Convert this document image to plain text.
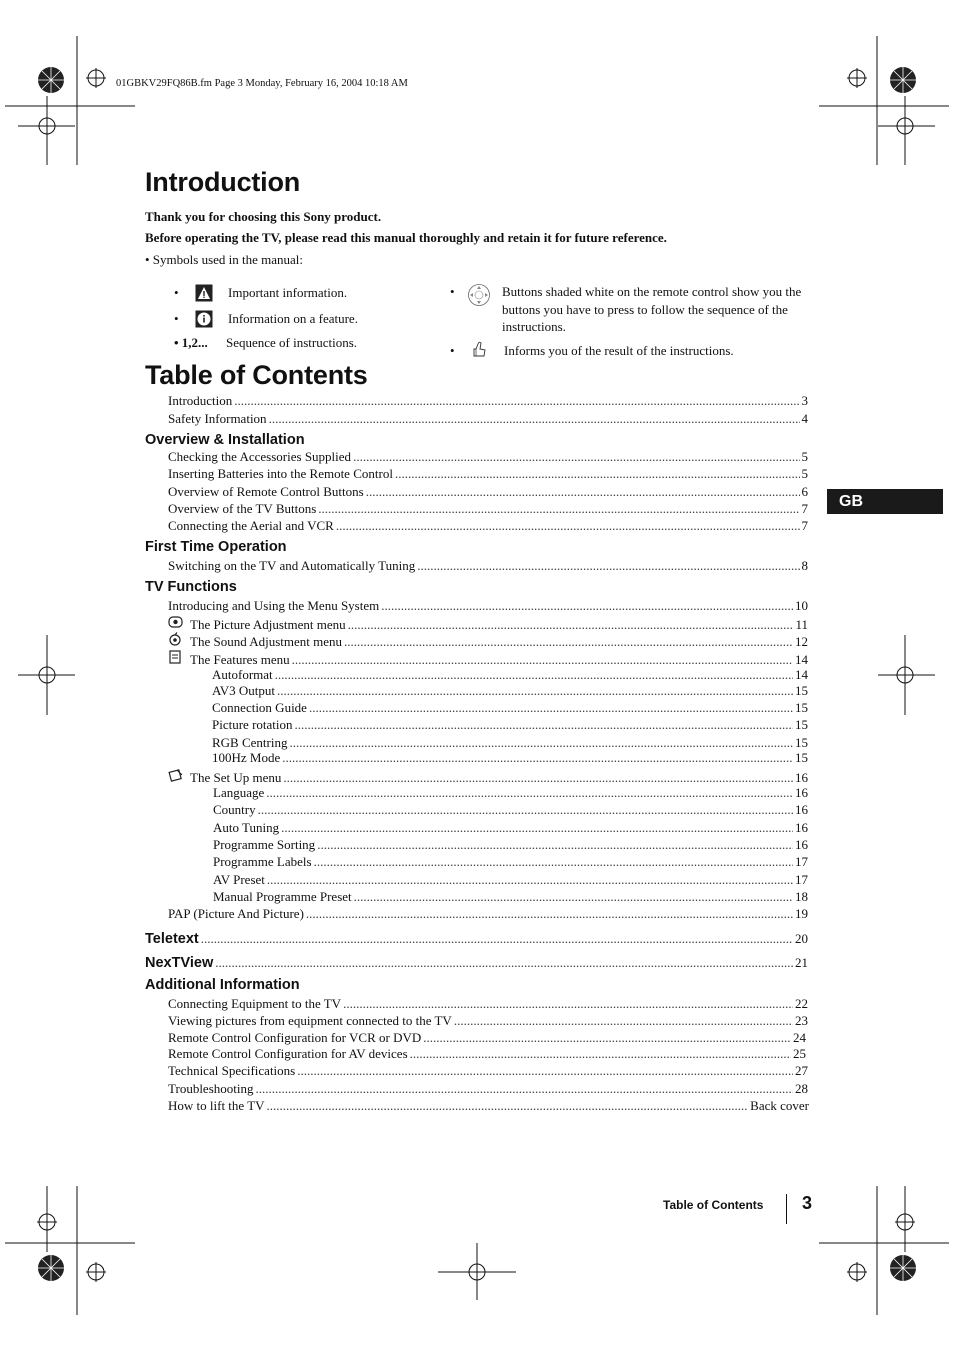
01GBKV29FQ86B.fm Page 3 Monday, February 16, 2004 10:18 AM
Introduction
Thank you for choosing this Sony product.
Before operating the TV, please read this manual thoroughly and retain it for future reference.
• Symbols used in the manual:
•	Important information.
•	Information on a feature.
• 1,2...	Sequence of instructions.
•	Buttons shaded white on the remote control show you the buttons you have to press to follow the sequence of the instructions.
•	Informs you of the result of the instructions.
Table of Contents
Introduction .....	3
Safety Information .....	4
Overview & Installation
Checking the Accessories Supplied .....	5
Inserting Batteries into the Remote Control .....	5
Overview of Remote Control Buttons .....	6
Overview of the TV Buttons .....	7
Connecting the Aerial and VCR .....	7
First Time Operation
Switching on the TV and Automatically Tuning .....	8
TV Functions
Introducing and Using the Menu System .....	10
The Picture Adjustment menu .....	11
The Sound Adjustment menu .....	12
The Features menu .....	14
Autoformat .....	14
AV3 Output .....	15
Connection Guide .....	15
Picture rotation .....	15
RGB Centring .....	15
100Hz Mode .....	15
The Set Up menu .....	16
Language .....	16
Country .....	16
Auto Tuning .....	16
Programme Sorting .....	16
Programme Labels .....	17
AV Preset .....	17
Manual Programme Preset .....	18
PAP (Picture And Picture) .....	19
Teletext .....	20
NexTView .....	21
Additional Information
Connecting Equipment to the TV .....	22
Viewing pictures from equipment connected to the TV .....	23
Remote Control Configuration for VCR or DVD .....	24
Remote Control Configuration for AV devices .....	25
Technical Specifications .....	27
Troubleshooting .....	28
How to lift the TV .....	Back cover
GB
Table of Contents 3
